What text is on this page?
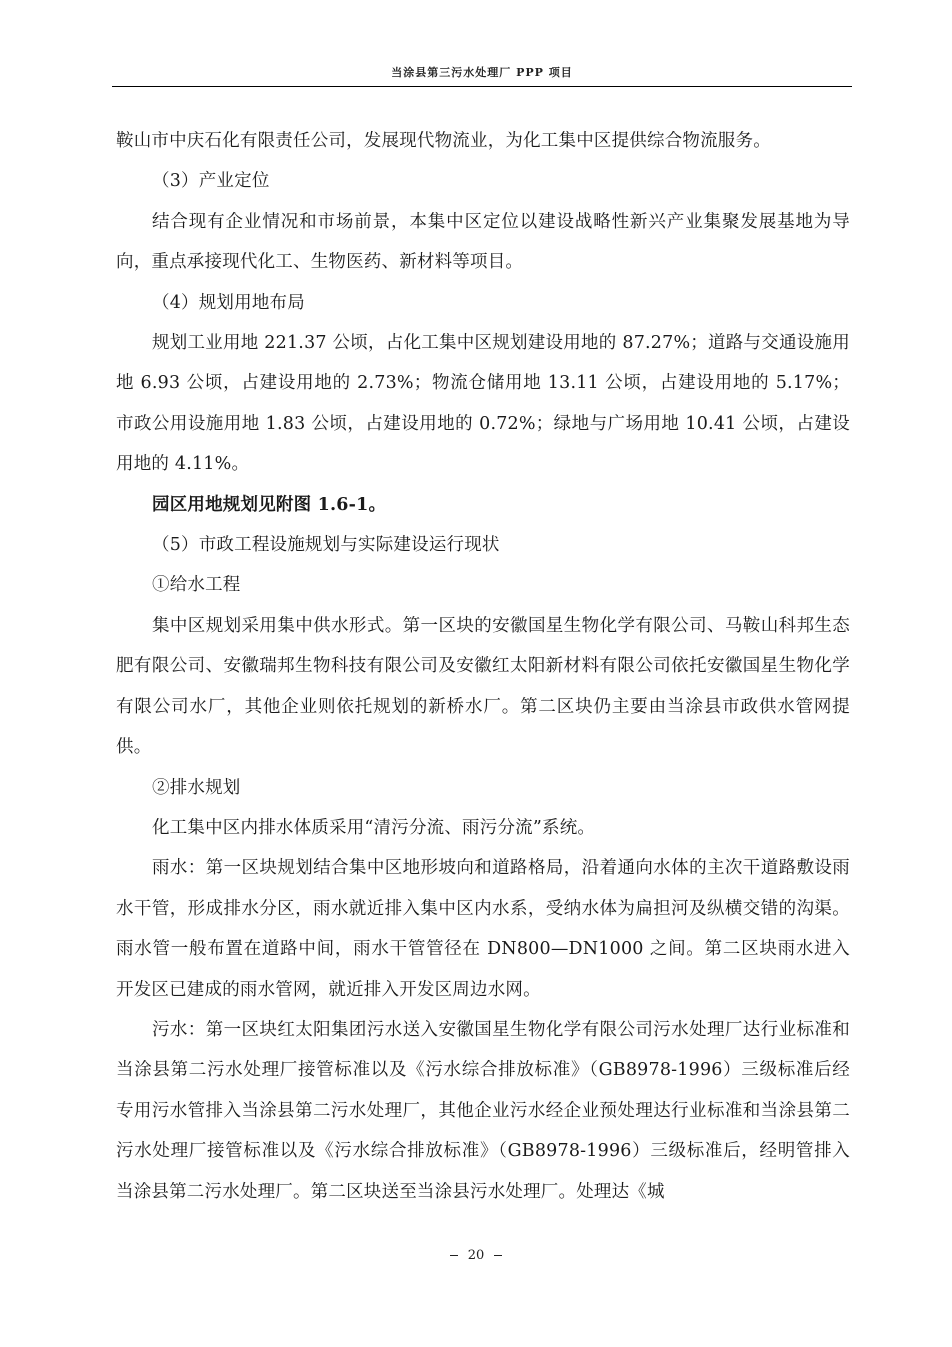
当涂县第三污水处理厂 PPP 项目

鞍山市中庆石化有限责任公司，发展现代物流业，为化工集中区提供综合物流服务。

（3）产业定位

结合现有企业情况和市场前景，本集中区定位以建设战略性新兴产业集聚发展基地为导向，重点承接现代化工、生物医药、新材料等项目。

（4）规划用地布局

规划工业用地 221.37 公顷，占化工集中区规划建设用地的 87.27%；道路与交通设施用地 6.93 公顷，占建设用地的 2.73%；物流仓储用地 13.11 公顷，占建设用地的 5.17%；市政公用设施用地 1.83 公顷，占建设用地的 0.72%；绿地与广场用地 10.41 公顷，占建设用地的 4.11%。

园区用地规划见附图 1.6-1。

（5）市政工程设施规划与实际建设运行现状

①给水工程

集中区规划采用集中供水形式。第一区块的安徽国星生物化学有限公司、马鞍山科邦生态肥有限公司、安徽瑞邦生物科技有限公司及安徽红太阳新材料有限公司依托安徽国星生物化学有限公司水厂，其他企业则依托规划的新桥水厂。第二区块仍主要由当涂县市政供水管网提供。

②排水规划

化工集中区内排水体质采用“清污分流、雨污分流”系统。

雨水：第一区块规划结合集中区地形坡向和道路格局，沿着通向水体的主次干道路敷设雨水干管，形成排水分区，雨水就近排入集中区内水系，受纳水体为扁担河及纵横交错的沟渠。雨水管一般布置在道路中间，雨水干管管径在 DN800—DN1000 之间。第二区块雨水进入开发区已建成的雨水管网，就近排入开发区周边水网。

污水：第一区块红太阳集团污水送入安徽国星生物化学有限公司污水处理厂达行业标准和当涂县第二污水处理厂接管标准以及《污水综合排放标准》（GB8978-1996）三级标准后经专用污水管排入当涂县第二污水处理厂，其他企业污水经企业预处理达行业标准和当涂县第二污水处理厂接管标准以及《污水综合排放标准》（GB8978-1996）三级标准后，经明管排入当涂县第二污水处理厂。第二区块送至当涂县污水处理厂。处理达《城

20
